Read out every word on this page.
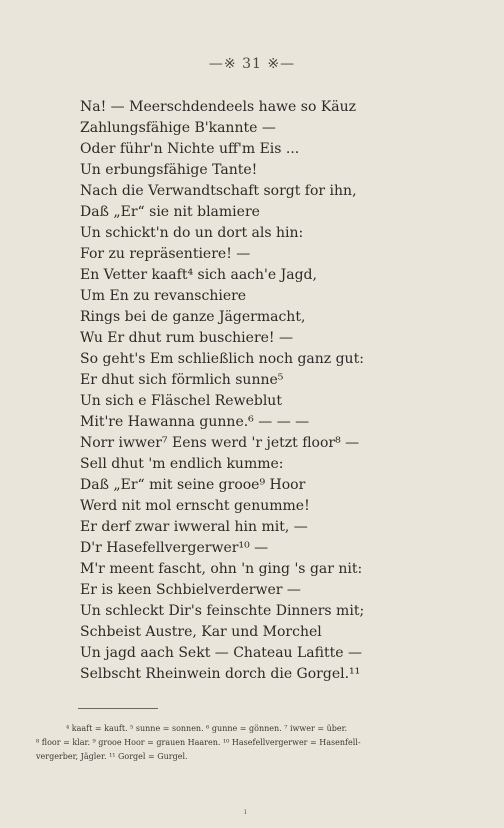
—※ 31 ※—
Na! — Meerschdendeels hawe so Käuz
Zahlungsfähige B'kannte —
Oder führ'n Nichte uff'm Eis ...
Un erbungsfähige Tante!
Nach die Verwandtschaft sorgt for ihn,
Daß „Er“ sie nit blamiere
Un schickt'n do un dort als hin:
For zu repräsentiere! —
En Vetter kaaft⁴ sich aach'e Jagd,
Um En zu revanschiere
Rings bei de ganze Jägermacht,
Wu Er dhut rum buschiere! —
So geht's Em schließlich noch ganz gut:
Er dhut sich förmlich sunne⁵
Un sich e Fläschel Reweblut
Mit're Hawanna gunne.⁶ — — —
Norr iwwer⁷ Eens werd 'r jetzt floor⁸ —
Sell dhut 'm endlich kumme:
Daß „Er“ mit seine grooe⁹ Hoor
Werd nit mol ernscht genumme!
Er derf zwar iwweral hin mit, —
D'r Hasefellvergerwer¹⁰ —
M'r meent fascht, ohn 'n ging 's gar nit:
Er is keen Schbielverderwer —
Un schleckt Dir's feinschte Dinners mit;
Schbeist Austre, Kar und Morchel
Un jagd aach Sekt — Chateau Lafitte —
Selbscht Rheinwein dorch die Gorgel.¹¹
⁴ kaaft = kauft. ⁵ sunne = sonnen. ⁶ gunne = gönnen. ⁷ iwwer = über.
⁸ floor = klar. ⁹ grooe Hoor = grauen Haaren. ¹⁰ Hasefellvergerwer = Hasenfell-
vergerber, Jägler. ¹¹ Gorgel = Gurgel.
ı
